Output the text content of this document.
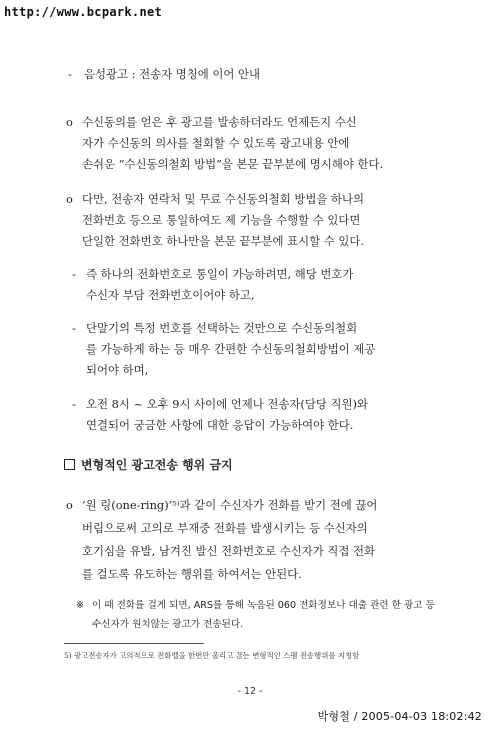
http://www.bcpark.net
-	음성광고 : 전송자 명칭에 이어 안내
o 수신동의를 얻은 후 광고를 발송하더라도 언제든지 수신
자가 수신동의 의사를 철회할 수 있도록 광고내용 안에
손쉬운 “수신동의철회 방법”을 본문 끝부분에 명시해야 한다.
o 다만, 전송자 연락처 및 무료 수신동의철회 방법을 하나의
전화번호 등으로 통일하여도 제 기능을 수행할 수 있다면
단일한 전화번호 하나만을 본문 끝부분에 표시할 수 있다.
- 즉 하나의 전화번호로 통일이 가능하려면, 해당 번호가
수신자 부담 전화번호이어야 하고,
- 단말기의 특정 번호를 선택하는 것만으로 수신동의철회
를 가능하게 하는 등 매우 간편한 수신동의철회방법이 제공
되어야 하며,
- 오전 8시 ~ 오후 9시 사이에 언제나 전송자(담당 직원)와
연결되어 궁금한 사항에 대한 응답이 가능하여야 한다.
변형적인 광고전송 행위 금지
o ‘원 링(one-ring)’⁵⁾과 같이 수신자가 전화를 받기 전에 끊어
버림으로써 고의로 부재중 전화를 발생시키는 등 수신자의
호기심을 유발, 남겨진 발신 전화번호로 수신자가 직접 전화
를 걸도록 유도하는 행위를 하여서는 안된다.
※ 이 때 전화를 걸게 되면, ARS를 통해 녹음된 060 전화정보나 대출 관련 한 광고 등 수신자가 원치않는 광고가 전송된다.
5) 광고전송자가 고의적으로 전화벨을 한번만 울리고 끊는 변형적인 스팸 전송행위를 지칭함
- 12 -
박형철 / 2005-04-03 18:02:42
